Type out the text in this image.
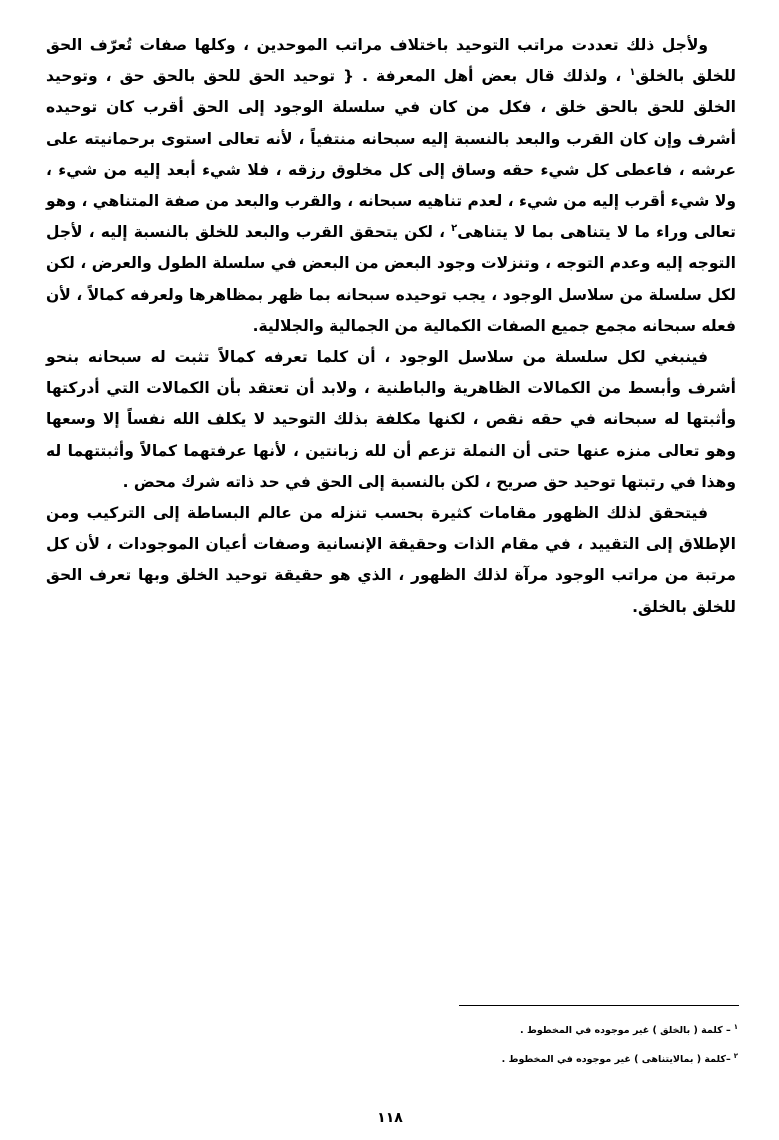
ولأجل ذلك تعددت مراتب التوحيد باختلاف مراتب الموحدين ، وكلها صفات تُعرّف الحق للخلق بالخلق$^١$ ، ولذلك قال بعض أهل المعرفة . { توحيد الحق للحق بالحق حق ، وتوحيد الخلق للحق بالحق خلق ، فكل من كان في سلسلة الوجود إلى الحق أقرب كان توحيده أشرف وإن كان القرب والبعد بالنسبة إليه سبحانه منتفياً ، لأنه تعالى استوى برحمانيته على عرشه ، فاعطى كل شيء حقه وساق إلى كل مخلوق رزقه ، فلا شيء أبعد إليه من شيء ، ولا شيء أقرب إليه من شيء ، لعدم تناهيه سبحانه ، والقرب والبعد من صفة المتناهي ، وهو تعالى وراء ما لا يتناهى بما لا يتناهى$^٢$ ، لكن يتحقق القرب والبعد للخلق بالنسبة إليه ، لأجل التوجه إليه وعدم التوجه ، وتنزلات وجود البعض من البعض في سلسلة الطول والعرض ، لكن لكل سلسلة من سلاسل الوجود ، يجب توحيده سبحانه بما ظهر بمظاهرها ولعرفه كمالاً ، لأن فعله سبحانه مجمع جميع الصفات الكمالية من الجمالية والجلالية.

فينبغي لكل سلسلة من سلاسل الوجود ، أن كلما تعرفه كمالاً تثبت له سبحانه بنحو أشرف وأبسط من الكمالات الظاهرية والباطنية ، ولابد أن تعتقد بأن الكمالات التي أدركتها وأثبتها له سبحانه في حقه نقص ، لكنها مكلفة بذلك التوحيد لا يكلف الله نفساً إلا وسعها وهو تعالى منزه عنها حتى أن النملة تزعم أن لله زبانتين ، لأنها عرفتهما كمالاً وأثبتتهما له وهذا في رتبتها توحيد حق صريح ، لكن بالنسبة إلى الحق في حد ذاته شرك محض .

فيتحقق لذلك الظهور مقامات كثيرة بحسب تنزله من عالم البساطة إلى التركيب ومن الإطلاق إلى التقييد ، في مقام الذات وحقيقة الإنسانية وصفات أعيان الموجودات ، لأن كل مرتبة من مراتب الوجود مرآة لذلك الظهور ، الذي هو حقيقة توحيد الخلق وبها تعرف الحق للخلق بالخلق.

$^١$– كلمة ( بالخلق ) غير موجوده في المخطوط .
$^٢$–كلمة ( بمالايتناهى ) غير موجوده في المخطوط .
١١٨
